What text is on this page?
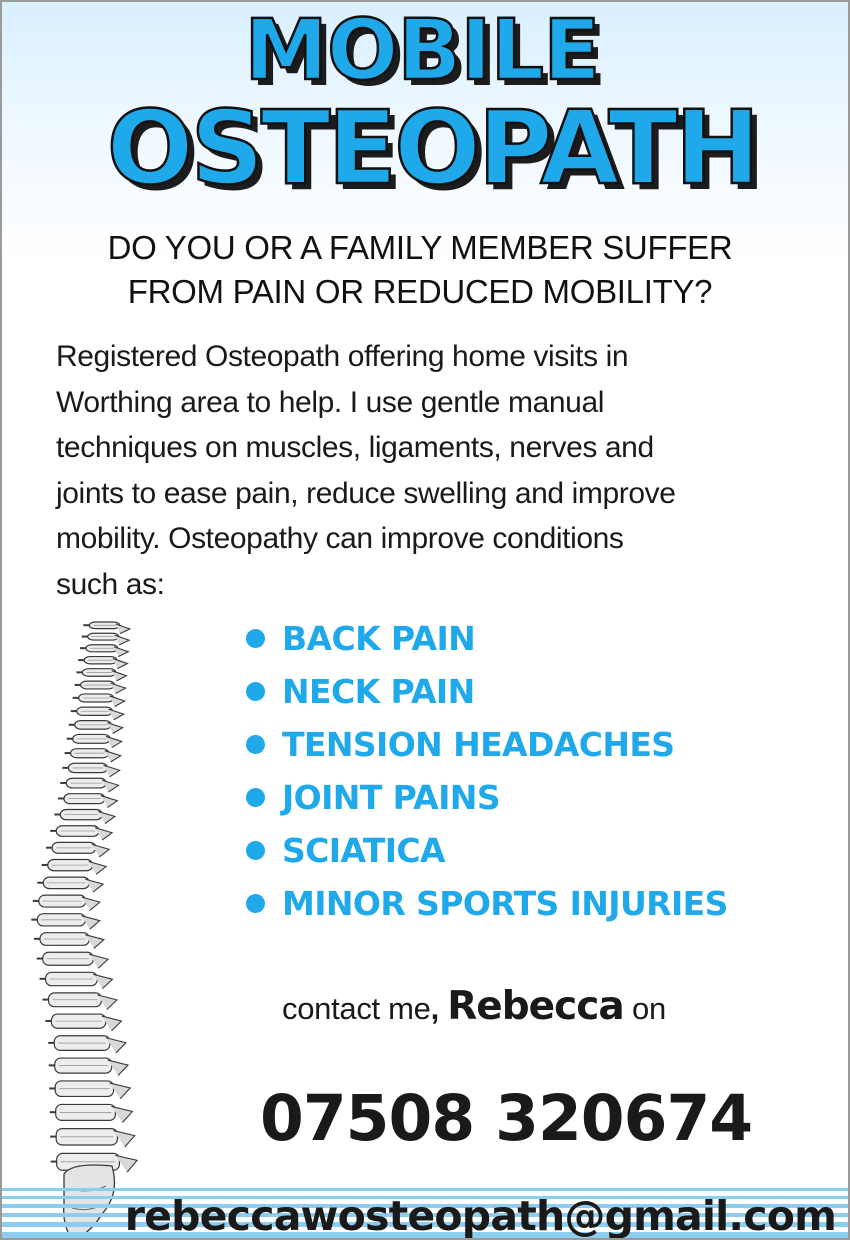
MOBILE
OSTEOPATH
DO YOU OR A FAMILY MEMBER SUFFER
FROM PAIN OR REDUCED MOBILITY?
Registered Osteopath offering home visits in
Worthing area to help. I use gentle manual
techniques on muscles, ligaments, nerves and
joints to ease pain, reduce swelling and improve
mobility. Osteopathy can improve conditions
such as:
BACK PAIN
NECK PAIN
TENSION HEADACHES
JOINT PAINS
SCIATICA
MINOR SPORTS INJURIES
contact me, Rebecca on
07508 320674
rebeccawosteopath@gmail.com
